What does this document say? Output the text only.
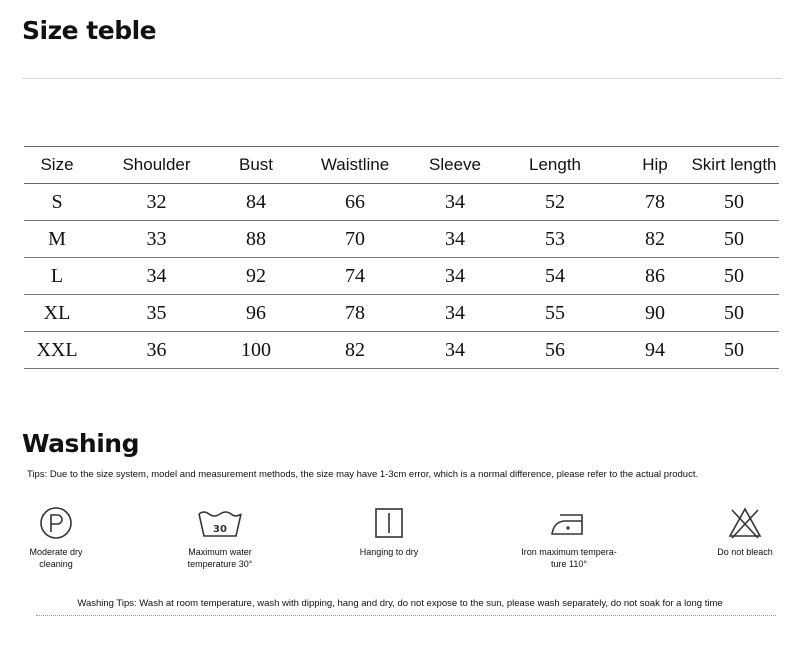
Size teble
Size	Shoulder	Bust	Waistline	Sleeve	Length	Hip	Skirt length
S	32	84	66	34	52	78	50
M	33	88	70	34	53	82	50
L	34	92	74	34	54	86	50
XL	35	96	78	34	55	90	50
XXL	36	100	82	34	56	94	50
Washing
Tips: Due to the size system, model and measurement methods, the size may have 1-3cm error, which is a normal difference, please refer to the actual product.
Moderate dry
cleaning
30
Maximum water
temperature 30°
Hanging to dry	Iron maximum tempera-
ture 110°
Do not bleach
Washing Tips: Wash at room temperature, wash with dipping, hang and dry, do not expose to the sun, please wash separately, do not soak for a long time
